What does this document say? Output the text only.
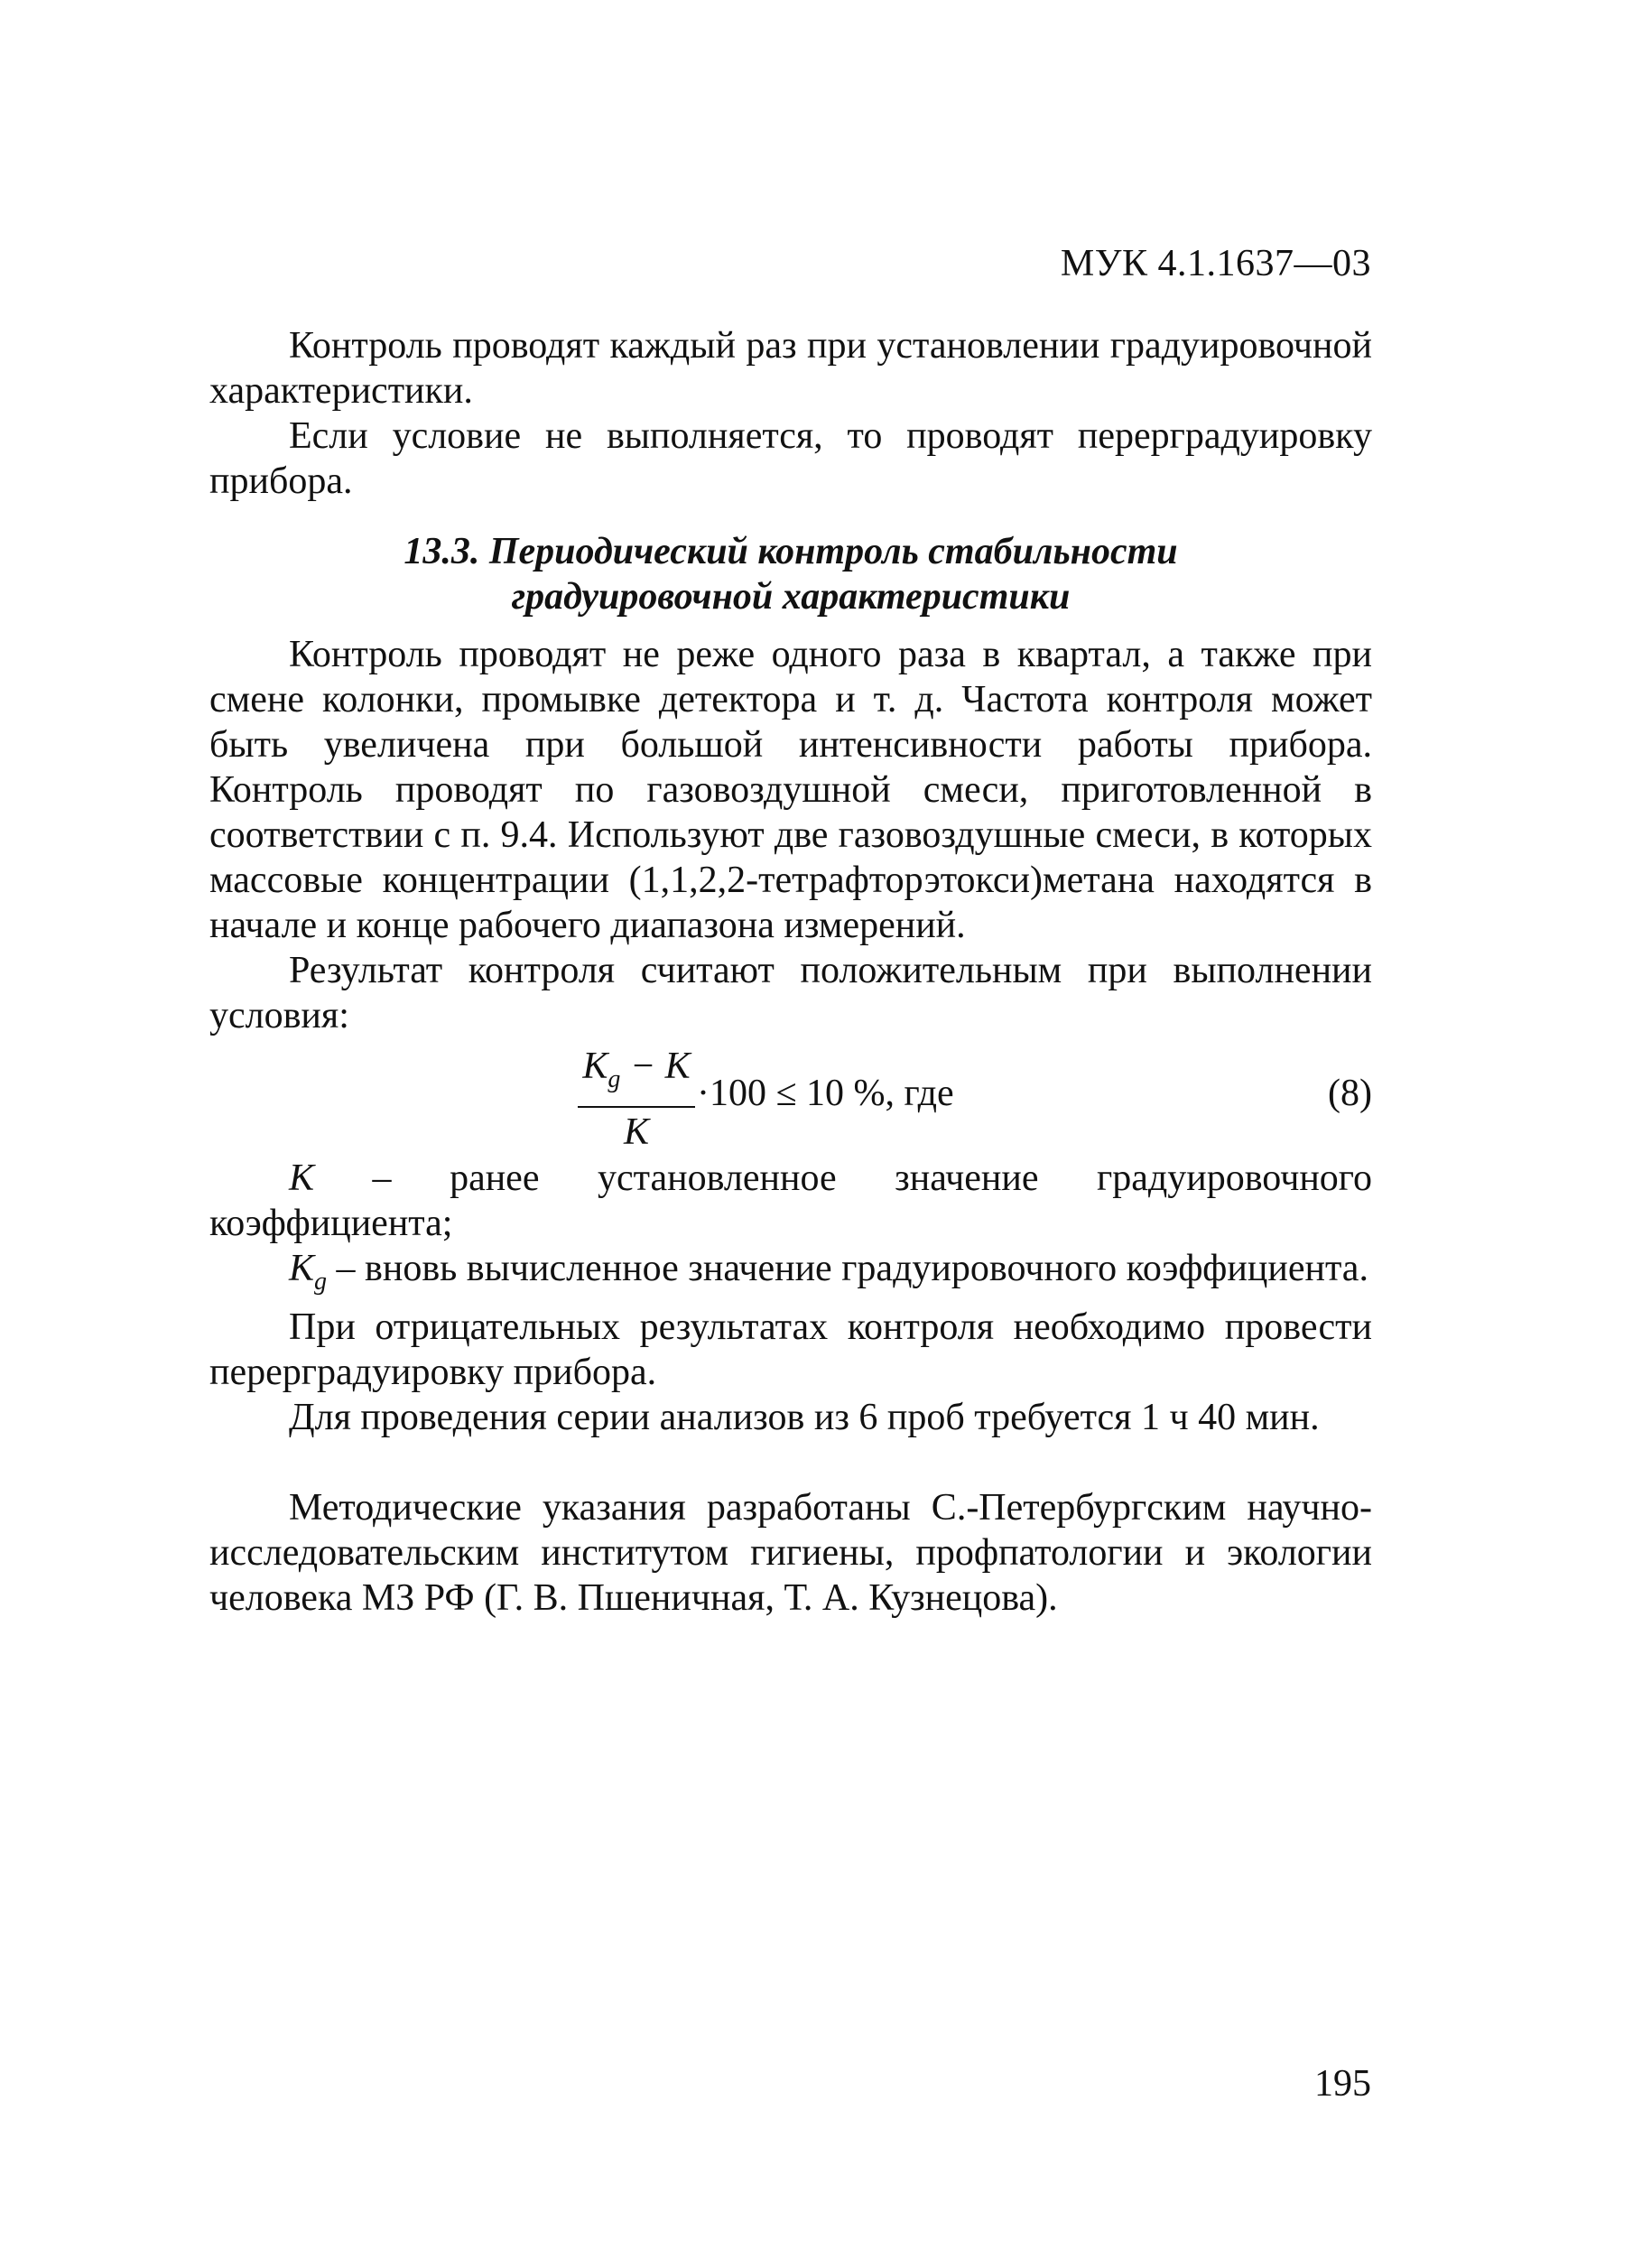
МУК 4.1.1637—03

Контроль проводят каждый раз при установлении градуировочной характеристики.

Если условие не выполняется, то проводят перерградуировку прибора.

13.3. Периодический контроль стабильности
градуировочной характеристики

Контроль проводят не реже одного раза в квартал, а также при смене колонки, промывке детектора и т. д. Частота контроля может быть увеличена при большой интенсивности работы прибора. Контроль проводят по газовоздушной смеси, приготовленной в соответствии с п. 9.4. Используют две газовоздушные смеси, в которых массовые концентрации (1,1,2,2-тетрафторэтокси)метана находятся в начале и конце рабочего диапазона измерений.

Результат контроля считают положительным при выполнении условия:

$K_g - K$
K
·100 ≤ 10 %, где	(8)

K – ранее установленное значение градуировочного коэффициента;

$K_g$ – вновь вычисленное значение градуировочного коэффициента.

При отрицательных результатах контроля необходимо провести перерградуировку прибора.

Для проведения серии анализов из 6 проб требуется 1 ч 40 мин.

Методические указания разработаны С.-Петербургским научно-исследовательским институтом гигиены, профпатологии и экологии человека МЗ РФ (Г. В. Пшеничная, Т. А. Кузнецова).

195
